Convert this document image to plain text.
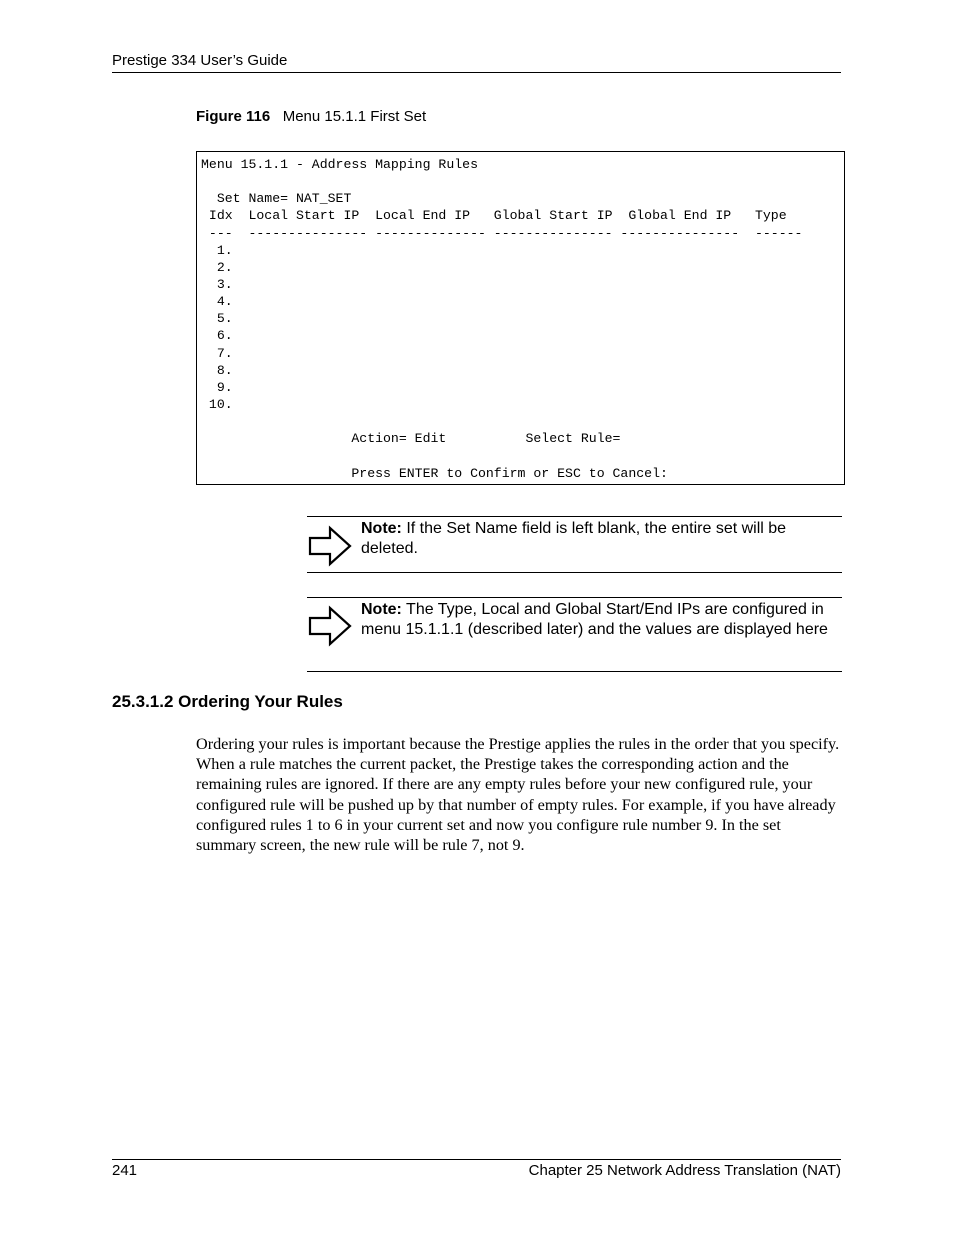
Prestige 334 User’s Guide
Figure 116 Menu 15.1.1 First Set
Menu 15.1.1 - Address Mapping Rules
Set Name= NAT_SET
Idx  Local Start IP  Local End IP   Global Start IP  Global End IP   Type
---  --------------- -------------- --------------- ---------------  ------
1.
2.
3.
4.
5.
6.
7.
8.
9.
10.
Action= Edit          Select Rule=
Press ENTER to Confirm or ESC to Cancel:
Note: If the Set Name field is left blank, the entire set will be deleted.
Note: The Type, Local and Global Start/End IPs are configured in menu 15.1.1.1 (described later) and the values are displayed here
25.3.1.2 Ordering Your Rules
Ordering your rules is important because the Prestige applies the rules in the order that you specify. When a rule matches the current packet, the Prestige takes the corresponding action and the remaining rules are ignored. If there are any empty rules before your new configured rule, your configured rule will be pushed up by that number of empty rules. For example, if you have already configured rules 1 to 6 in your current set and now you configure rule number 9. In the set summary screen, the new rule will be rule 7, not 9.
241	Chapter 25 Network Address Translation (NAT)
